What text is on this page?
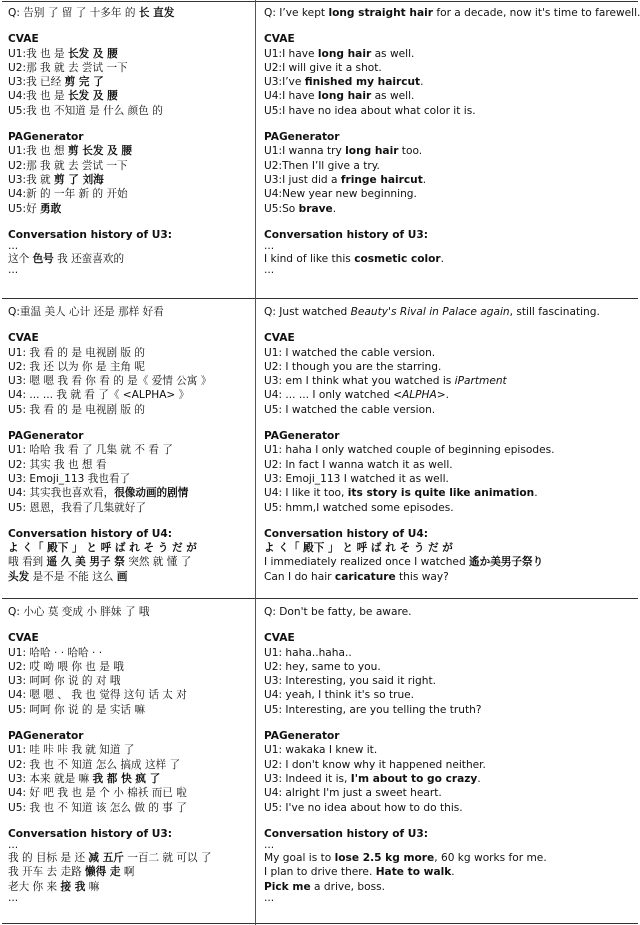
Q: 告别 了 留 了 十多年 的 长 直发

CVAE

U1:我 也 是 长发 及 腰

U2:那 我 就 去 尝试 一下

U3:我 已经 剪 完 了

U4:我 也 是 长发 及 腰

U5:我 也 不知道 是 什么 颜色 的

PAGenerator

U1:我 也 想 剪 长发 及 腰

U2:那 我 就 去 尝试 一下

U3:我 就 剪 了 刘海

U4:新 的 一年 新 的 开始

U5:好 勇敢

Conversation history of U3:

...

这个 色号 我 还蛮喜欢的

...

Q: I’ve kept long straight hair for a decade, now it's time to farewell.

CVAE

U1:I have long hair as well.

U2:I will give it a shot.

U3:I’ve finished my haircut.

U4:I have long hair as well.

U5:I have no idea about what color it is.

PAGenerator

U1:I wanna try long hair too.

U2:Then I’ll give a try.

U3:I just did a fringe haircut.

U4:New year new beginning.

U5:So brave.

Conversation history of U3:

...

I kind of like this cosmetic color.

...

Q:重温 美人 心计 还是 那样 好看

CVAE

U1: 我 看 的 是 电视剧 版 的

U2: 我 还 以为 你 是 主角 呢

U3: 嗯 嗯 我 看 你 看 的 是《 爱情 公寓 》

U4: ... ... 我 就 看 了《 <ALPHA> 》

U5: 我 看 的 是 电视剧 版 的

PAGenerator

U1: 哈哈 我 看 了 几集 就 不 看 了

U2: 其实 我 也 想 看

U3: Emoji_113 我也看了

U4: 其实我也喜欢看，很像动画的剧情

U5: 恩恩，我看了几集就好了

Conversation history of U4:

よ く「 殿下 」 と 呼 ば れ そ う だ が

哦 看到 遥 久 美 男子 祭 突然 就 懂 了

头发 是不是 不能 这么 画

Q: Just watched Beauty's Rival in Palace again, still fascinating.

CVAE

U1: I watched the cable version.

U2: I though you are the starring.

U3: em I think what you watched is iPartment

U4: ... ... I only watched <ALPHA>.

U5: I watched the cable version.

PAGenerator

U1: haha I only watched couple of beginning episodes.

U2: In fact I wanna watch it as well.

U3: Emoji_113 I watched it as well.

U4: I like it too, its story is quite like animation.

U5: hmm,I watched some episodes.

Conversation history of U4:

よ く「 殿下 」 と 呼 ば れ そ う だ が

I immediately realized once I watched 遙か美男子祭り

Can I do hair caricature this way?

Q: 小心 莫 变成 小 胖妹 了 哦

CVAE

U1: 哈哈 · · 哈哈 · ·

U2: 哎 呦 喂 你 也 是 哦

U3: 呵呵 你 说 的 对 哦

U4: 嗯 嗯 、 我 也 觉得 这句 话 太 对

U5: 呵呵 你 说 的 是 实话 嘛

PAGenerator

U1: 哇 咔 咔 我 就 知道 了

U2: 我 也 不 知道 怎么 搞成 这样 了

U3: 本来 就是 嘛 我 都 快 疯 了

U4: 好 吧 我 也 是 个 小 棉袄 而已 啦

U5: 我 也 不 知道 该 怎么 做 的 事 了

Conversation history of U3:

...

我 的 目标 是 还 减 五斤 一百二 就 可以 了

我 开车 去 走路 懒得 走 啊

老大 你 来 接 我 嘛

...

Q: Don't be fatty, be aware.

CVAE

U1: haha..haha..

U2: hey, same to you.

U3: Interesting, you said it right.

U4: yeah, I think it's so true.

U5: Interesting, are you telling the truth?

PAGenerator

U1: wakaka I knew it.

U2: I don't know why it happened neither.

U3: Indeed it is, I'm about to go crazy.

U4: alright I'm just a sweet heart.

U5: I've no idea about how to do this.

Conversation history of U3:

...

My goal is to lose 2.5 kg more, 60 kg works for me.

I plan to drive there. Hate to walk.

Pick me a drive, boss.

...
